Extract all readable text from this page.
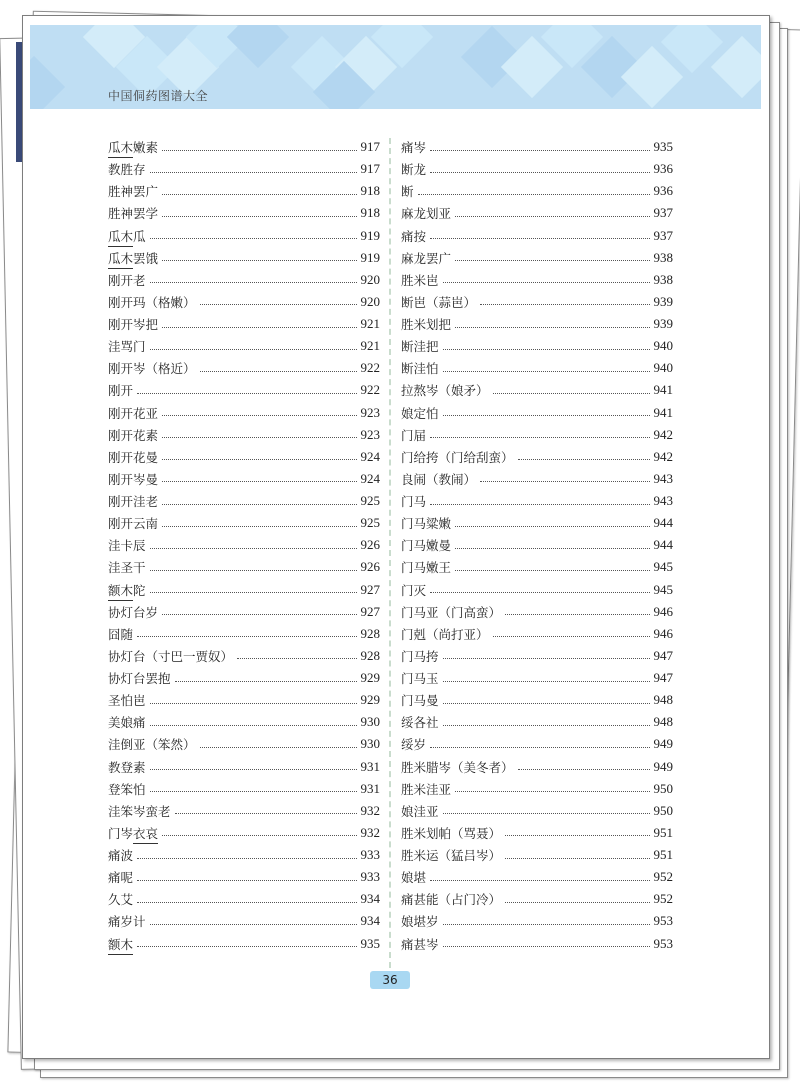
中国侗药图谱大全
瓜木嫩素	917
教胜存	917
胜神罢广	918
胜神罢学	918
瓜木瓜	919
瓜木罢饿	919
刚开老	920
刚开玛（格嫩）	920
刚开岑把	921
洼骂门	921
刚开岑（格近）	922
刚开	922
刚开花亚	923
刚开花素	923
刚开花曼	924
刚开岑曼	924
刚开洼老	925
刚开云南	925
洼卡辰	926
洼圣干	926
额木陀	927
协灯台岁	927
囧随	928
协灯台（寸巴一贾奴）	928
协灯台罢抱	929
圣怕岜	929
美娘痛	930
洼倒亚（笨然）	930
教登素	931
登笨怕	931
洼笨岑蛮老	932
门岑衣哀	932
痛波	933
痛呢	933
久艾	934
痛岁计	934
额木	935
痛岑	935
断龙	936
断	936
麻龙划亚	937
痛按	937
麻龙罢广	938
胜米岜	938
断岜（蒜岜）	939
胜米划把	939
断洼把	940
断洼怕	940
拉熬岑（娘矛）	941
娘定怕	941
门届	942
门给挎（门给刮蛮）	942
良闹（教闹）	943
门马	943
门马粱嫩	944
门马嫩曼	944
门马嫩王	945
门灭	945
门马亚（门高蛮）	946
门剋（尚打亚）	946
门马挎	947
门马玉	947
门马曼	948
绥各社	948
绥岁	949
胜米腊岑（美冬者）	949
胜米洼亚	950
娘洼亚	950
胜米划帕（骂聂）	951
胜米运（猛吕岑）	951
娘堪	952
痛甚能（占门冷）	952
娘堪岁	953
痛甚岑	953
36
